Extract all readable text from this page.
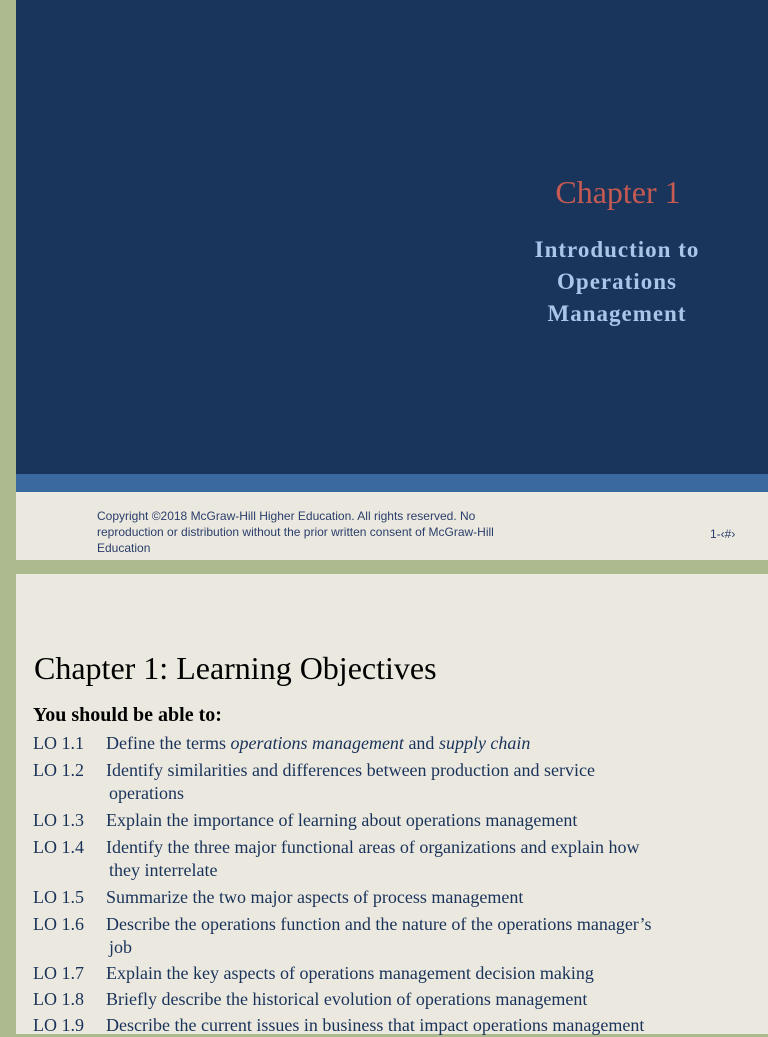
Chapter 1
Introduction to
Operations
Management
Copyright ©2018 McGraw-Hill Higher Education. All rights reserved. No
reproduction or distribution without the prior written consent of McGraw-Hill
Education
1-‹#›
Chapter 1: Learning Objectives
You should be able to:
LO 1.1 Define the terms operations management and supply chain
LO 1.2 Identify similarities and differences between production and service
operations
LO 1.3 Explain the importance of learning about operations management
LO 1.4 Identify the three major functional areas of organizations and explain how
they interrelate
LO 1.5 Summarize the two major aspects of process management
LO 1.6 Describe the operations function and the nature of the operations manager’s
job
LO 1.7 Explain the key aspects of operations management decision making
LO 1.8 Briefly describe the historical evolution of operations management
LO 1.9 Describe the current issues in business that impact operations management
